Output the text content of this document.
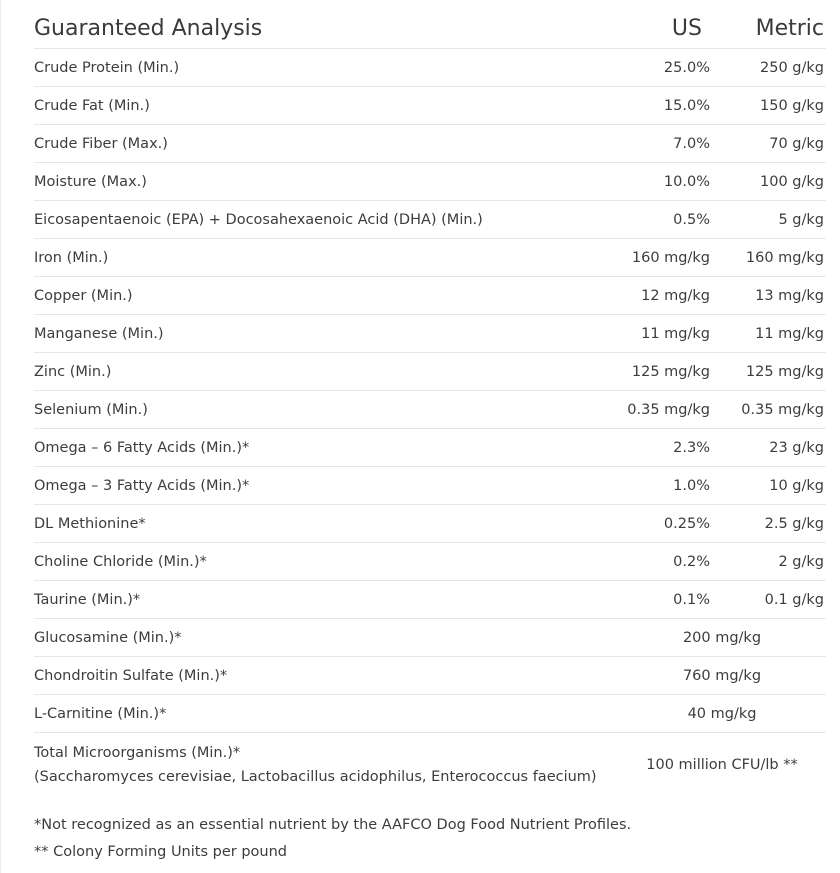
Guaranteed Analysis	US	Metric
Crude Protein (Min.)	25.0%	250 g/kg
Crude Fat (Min.)	15.0%	150 g/kg
Crude Fiber (Max.)	7.0%	70 g/kg
Moisture (Max.)	10.0%	100 g/kg
Eicosapentaenoic (EPA) + Docosahexaenoic Acid (DHA) (Min.)	0.5%	5 g/kg
Iron (Min.)	160 mg/kg	160 mg/kg
Copper (Min.)	12 mg/kg	13 mg/kg
Manganese (Min.)	11 mg/kg	11 mg/kg
Zinc (Min.)	125 mg/kg	125 mg/kg
Selenium (Min.)	0.35 mg/kg	0.35 mg/kg
Omega – 6 Fatty Acids (Min.)*	2.3%	23 g/kg
Omega – 3 Fatty Acids (Min.)*	1.0%	10 g/kg
DL Methionine*	0.25%	2.5 g/kg
Choline Chloride (Min.)*	0.2%	2 g/kg
Taurine (Min.)*	0.1%	0.1 g/kg
Glucosamine (Min.)*	200 mg/kg	
Chondroitin Sulfate (Min.)*	760 mg/kg	
L-Carnitine (Min.)*	40 mg/kg	
Total Microorganisms (Min.)*
(Saccharomyces cerevisiae, Lactobacillus acidophilus, Enterococcus faecium)	100 million CFU/lb **	
*Not recognized as an essential nutrient by the AAFCO Dog Food Nutrient Profiles.
** Colony Forming Units per pound
